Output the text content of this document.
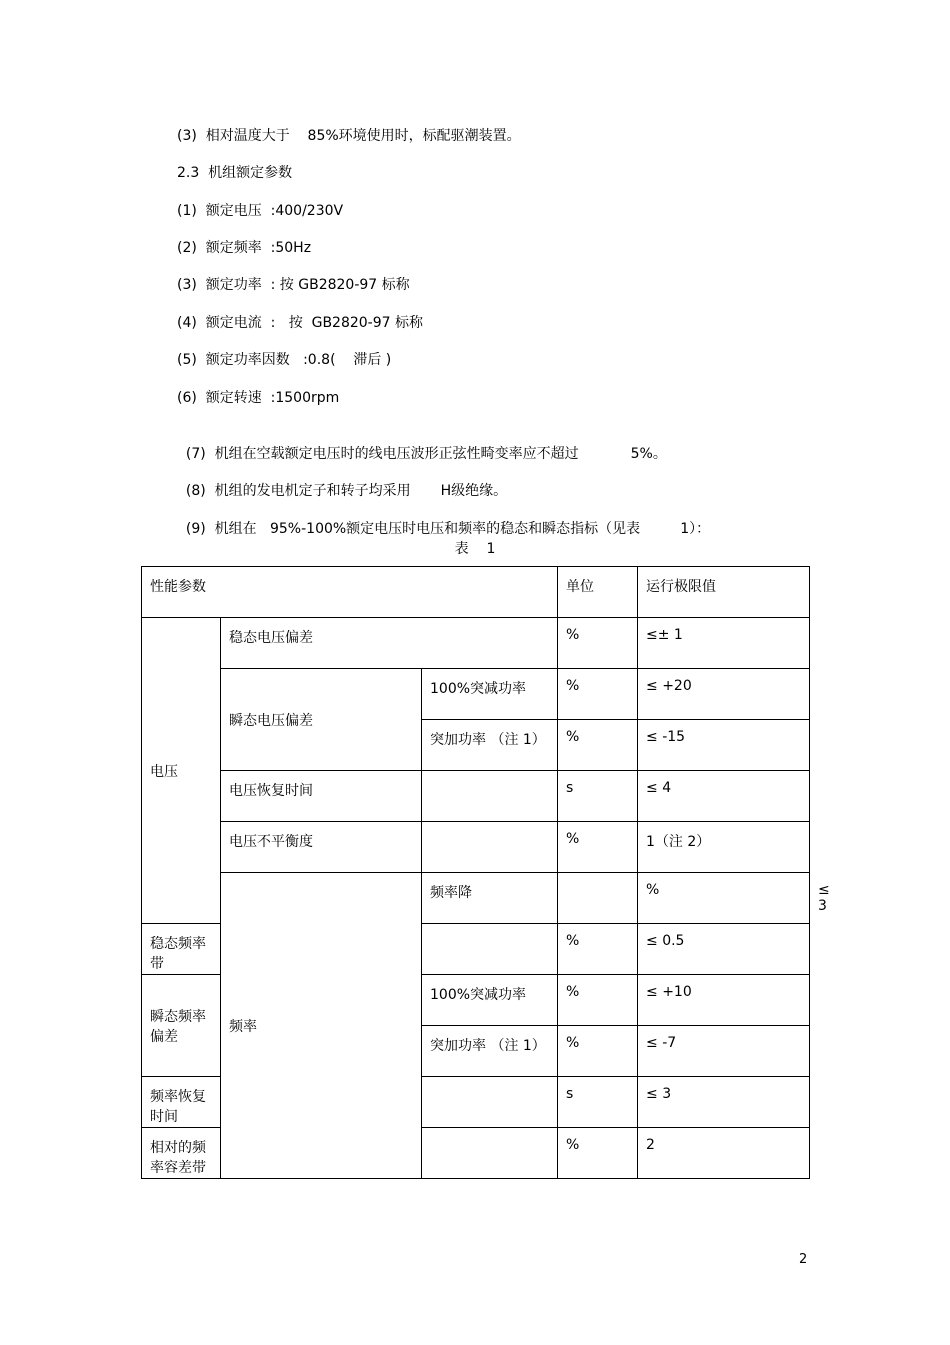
(3)  相对温度大于    85%环境使用时，标配驱潮装置。
2.3  机组额定参数
(1)  额定电压  :400/230V
(2)  额定频率  :50Hz
(3)  额定功率  : 按 GB2820-97 标称
(4)  额定电流  :   按  GB2820-97 标称
(5)  额定功率因数   :0.8(    滞后 )
(6)  额定转速  :1500rpm

(7)  机组在空载额定电压时的线电压波形正弦性畸变率应不超过	5%。

(8)  机组的发电机定子和转子均采用 H级绝缘。

(9)  机组在   95%-100%额定电压时电压和频率的稳态和瞬态指标（见表	1）：

表    1
性能参数			单位	运行极限值	
电压	稳态电压偏差		%	≤± 1	
	瞬态电压偏差	100%突减功率	%	≤ +20	
		突加功率 （注 1）	%	≤ -15	
	电压恢复时间		s	≤ 4	
	电压不平衡度		%	1（注 2）	
	频率	频率降		%	≤ 3
稳态频率带			%	≤ 0.5	
瞬态频率偏差		100%突减功率	%	≤ +10	
		突加功率 （注 1）	%	≤ -7	
频率恢复时间			s	≤ 3	
相对的频率容差带			%	2	
2
